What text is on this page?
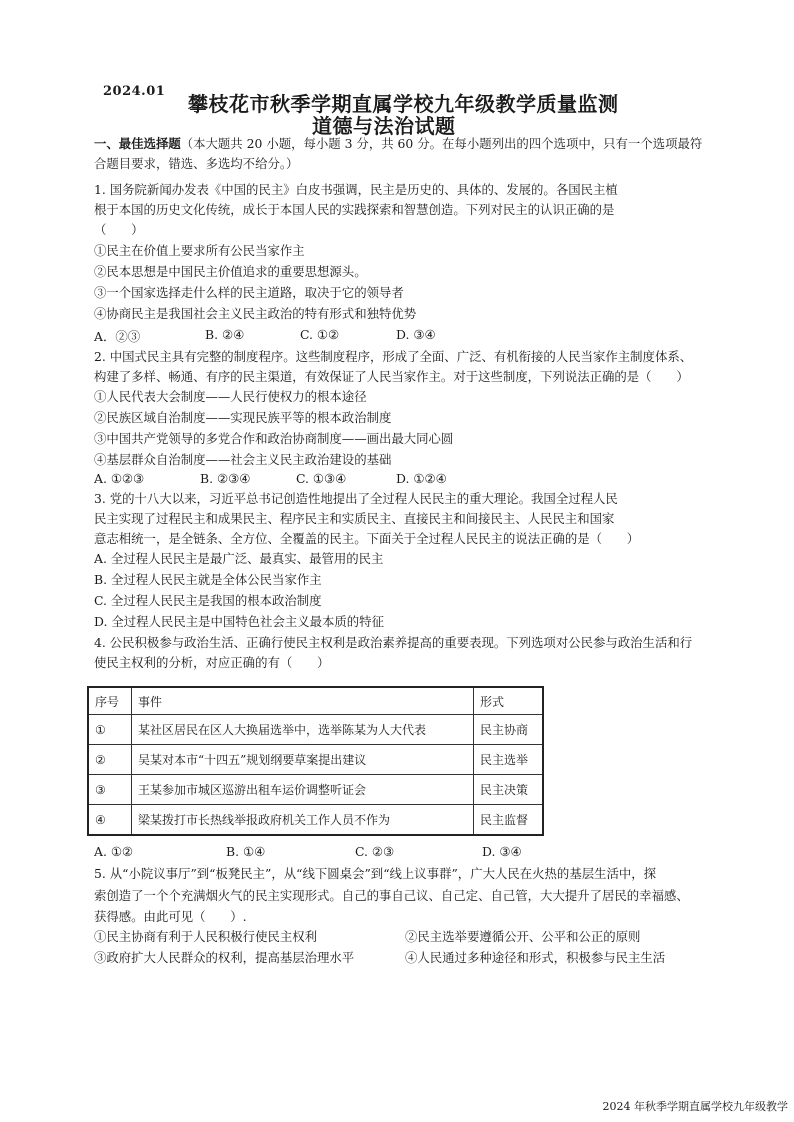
2024.01
攀枝花市秋季学期直属学校九年级教学质量监测
道德与法治试题
一、最佳选择题（本大题共 20 小题，每小题 3 分，共 60 分。在每小题列出的四个选项中，只有一个选项最符
合题目要求，错选、多选均不给分。）
1. 国务院新闻办发表《中国的民主》白皮书强调，民主是历史的、具体的、发展的。各国民主植
根于本国的历史文化传统，成长于本国人民的实践探索和智慧创造。下列对民主的认识正确的是
（　　）
①民主在价值上要求所有公民当家作主
②民本思想是中国民主价值追求的重要思想源头。
③一个国家选择走什么样的民主道路，取决于它的领导者
④协商民主是我国社会主义民主政治的特有形式和独特优势
A．②③	B. ②④	C. ①②	D. ③④
2. 中国式民主具有完整的制度程序。这些制度程序，形成了全面、广泛、有机衔接的人民当家作主制度体系、
构建了多样、畅通、有序的民主渠道，有效保证了人民当家作主。对于这些制度，下列说法正确的是（　　）
①人民代表大会制度——人民行使权力的根本途径
②民族区域自治制度——实现民族平等的根本政治制度
③中国共产党领导的多党合作和政治协商制度——画出最大同心圆
④基层群众自治制度——社会主义民主政治建设的基础
A. ①②③	B. ②③④	C. ①③④	D. ①②④
3. 党的十八大以来，习近平总书记创造性地提出了全过程人民民主的重大理论。我国全过程人民
民主实现了过程民主和成果民主、程序民主和实质民主、直接民主和间接民主、人民民主和国家
意志相统一，是全链条、全方位、全覆盖的民主。下面关于全过程人民民主的说法正确的是（　　）
A. 全过程人民民主是最广泛、最真实、最管用的民主
B. 全过程人民民主就是全体公民当家作主
C. 全过程人民民主是我国的根本政治制度
D. 全过程人民民主是中国特色社会主义最本质的特征
4. 公民积极参与政治生活、正确行使民主权利是政治素养提高的重要表现。下列选项对公民参与政治生活和行
使民主权利的分析，对应正确的有（　　）
序号	事件	形式
①	某社区居民在区人大换届选举中，选举陈某为人大代表	民主协商
②	吴某对本市“十四五”规划纲要草案提出建议	民主选举
③	王某参加市城区巡游出租车运价调整听证会	民主决策
④	梁某拨打市长热线举报政府机关工作人员不作为	民主监督
A. ①②	B. ①④	C. ②③	D. ③④
5. 从“小院议事厅”到“板凳民主”，从“线下圆桌会”到“线上议事群”，广大人民在火热的基层生活中，探
索创造了一个个充满烟火气的民主实现形式。自己的事自己议、自己定、自己管，大大提升了居民的幸福感、
获得感。由此可见（　　）.
①民主协商有利于人民积极行使民主权利	②民主选举要遵循公开、公平和公正的原则
③政府扩大人民群众的权利，提高基层治理水平	④人民通过多种途径和形式，积极参与民主生活
2024 年秋季学期直属学校九年级教学
